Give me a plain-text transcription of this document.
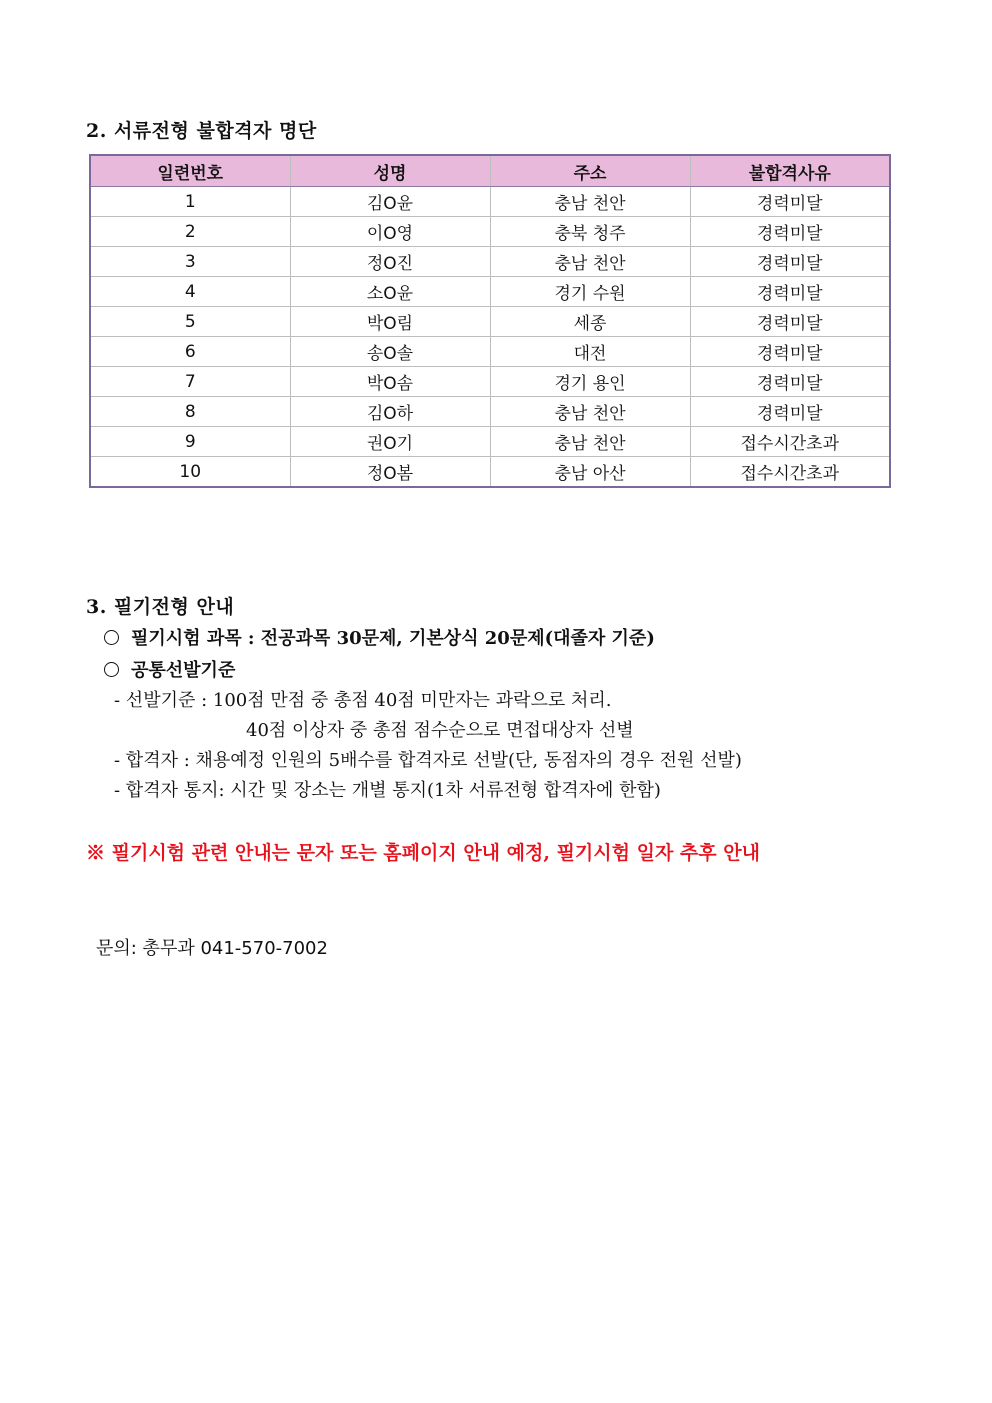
2. 서류전형 불합격자 명단
일련번호	성명	주소	불합격사유
1	김O윤	충남 천안	경력미달
2	이O영	충북 청주	경력미달
3	정O진	충남 천안	경력미달
4	소O윤	경기 수원	경력미달
5	박O림	세종	경력미달
6	송O솔	대전	경력미달
7	박O솜	경기 용인	경력미달
8	김O하	충남 천안	경력미달
9	권O기	충남 천안	접수시간초과
10	정O봄	충남 아산	접수시간초과
3. 필기전형 안내
필기시험 과목 : 전공과목 30문제, 기본상식 20문제(대졸자 기준)
공통선발기준
- 선발기준 : 100점 만점 중 총점 40점 미만자는 과락으로 처리.
40점 이상자 중 총점 점수순으로 면접대상자 선별
- 합격자 : 채용예정 인원의 5배수를 합격자로 선발(단, 동점자의 경우 전원 선발)
- 합격자 통지: 시간 및 장소는 개별 통지(1차 서류전형 합격자에 한함)
※ 필기시험 관련 안내는 문자 또는 홈페이지 안내 예정, 필기시험 일자 추후 안내
문의: 총무과 041-570-7002
